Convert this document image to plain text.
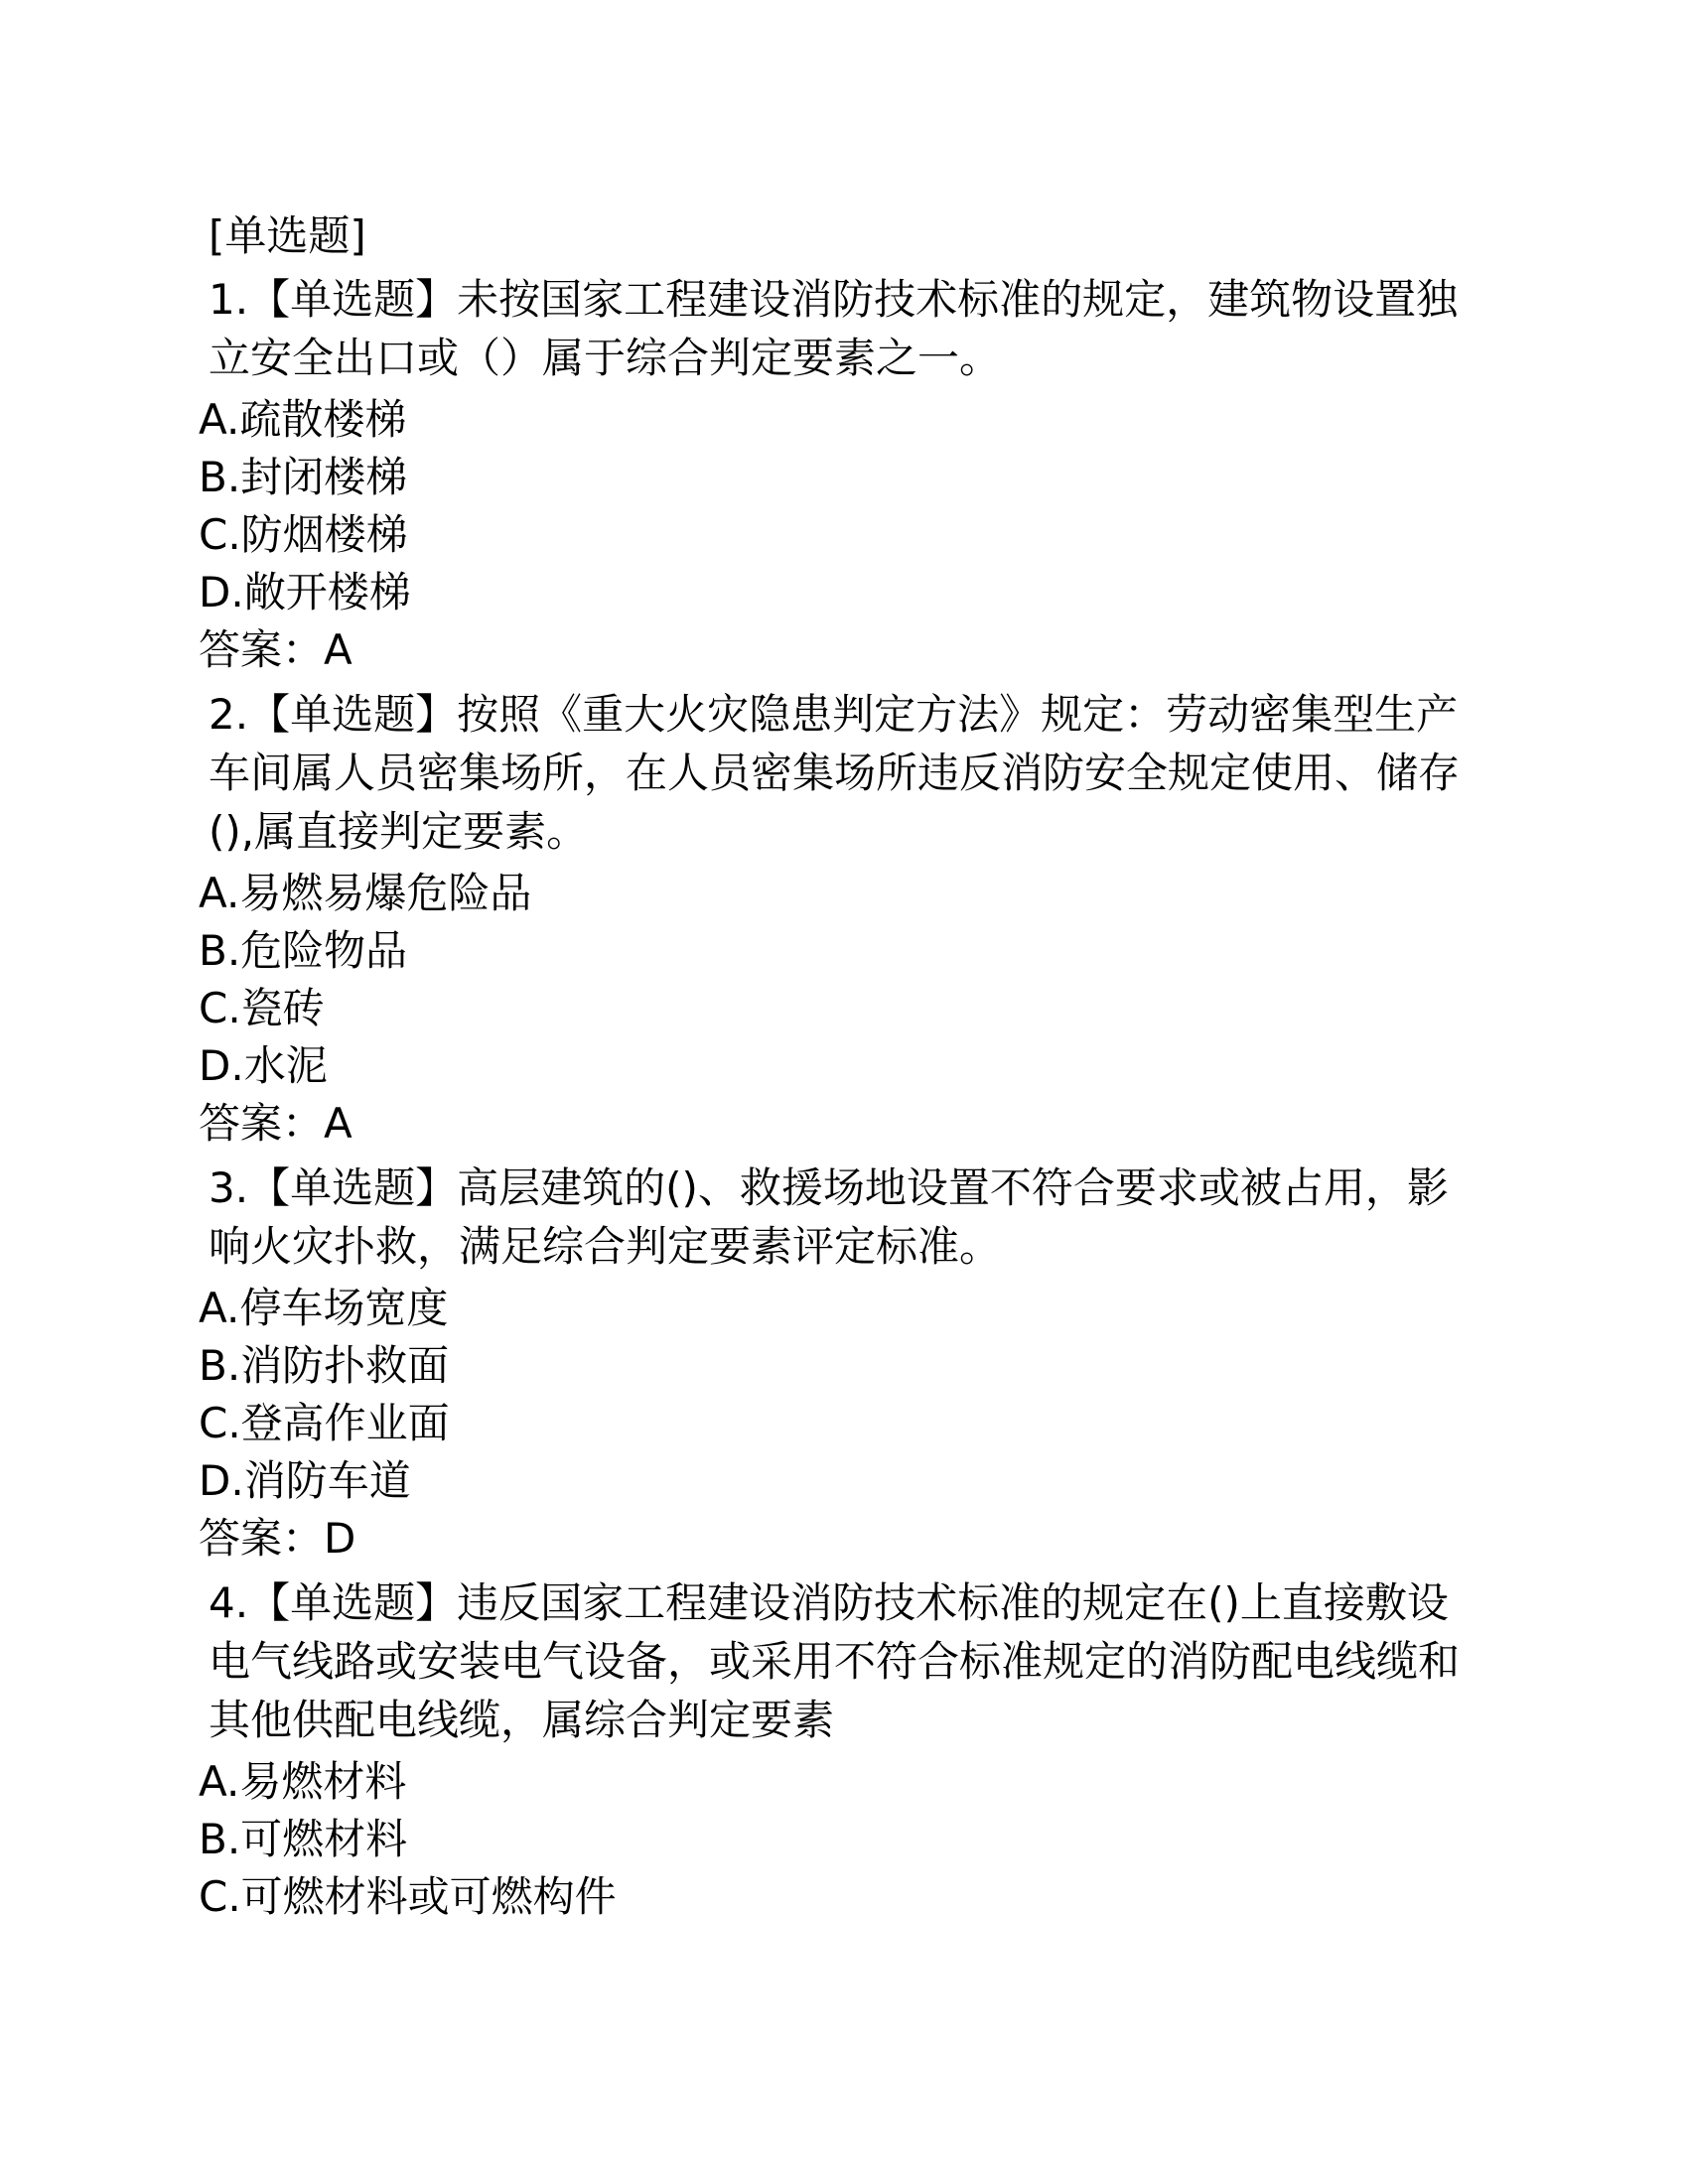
[单选题]
1.【单选题】未按国家工程建设消防技术标准的规定，建筑物设置独立安全出口或（）属于综合判定要素之一。
A.疏散楼梯
B.封闭楼梯
C.防烟楼梯
D.敞开楼梯
答案：A
2.【单选题】按照《重大火灾隐患判定方法》规定：劳动密集型生产车间属人员密集场所，在人员密集场所违反消防安全规定使用、储存(),属直接判定要素。
A.易燃易爆危险品
B.危险物品
C.瓷砖
D.水泥
答案：A
3.【单选题】高层建筑的()、救援场地设置不符合要求或被占用，影响火灾扑救，满足综合判定要素评定标准。
A.停车场宽度
B.消防扑救面
C.登高作业面
D.消防车道
答案：D
4.【单选题】违反国家工程建设消防技术标准的规定在()上直接敷设电气线路或安装电气设备，或采用不符合标准规定的消防配电线缆和其他供配电线缆，属综合判定要素
A.易燃材料
B.可燃材料
C.可燃材料或可燃构件
